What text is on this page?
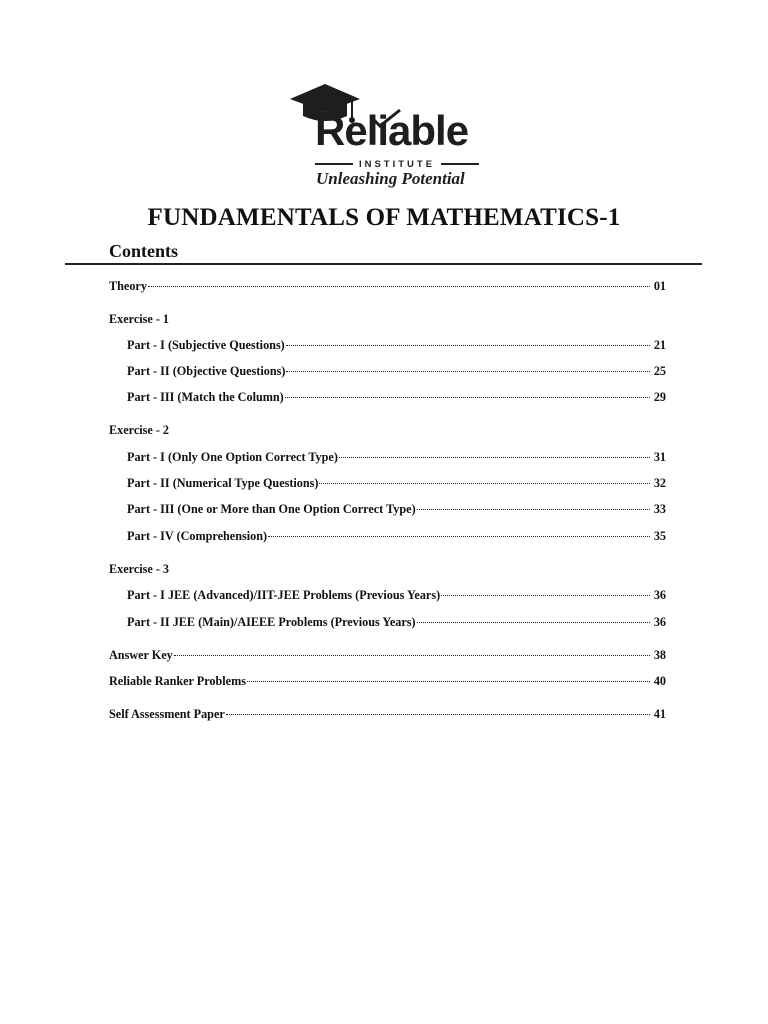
Reliable
INSTITUTE
Unleashing Potential
FUNDAMENTALS OF MATHEMATICS-1
Contents
Theory	01
Exercise - 1
Part - I (Subjective Questions)	21
Part - II (Objective Questions)	25
Part - III (Match the Column)	29
Exercise - 2
Part - I (Only One Option Correct Type)	31
Part - II (Numerical Type Questions)	32
Part - III (One or More than One Option Correct Type)	33
Part - IV (Comprehension)	35
Exercise - 3
Part - I JEE (Advanced)/IIT-JEE Problems (Previous Years)	36
Part - II JEE (Main)/AIEEE Problems (Previous Years)	36
Answer Key	38
Reliable Ranker Problems	40
Self Assessment Paper	41
